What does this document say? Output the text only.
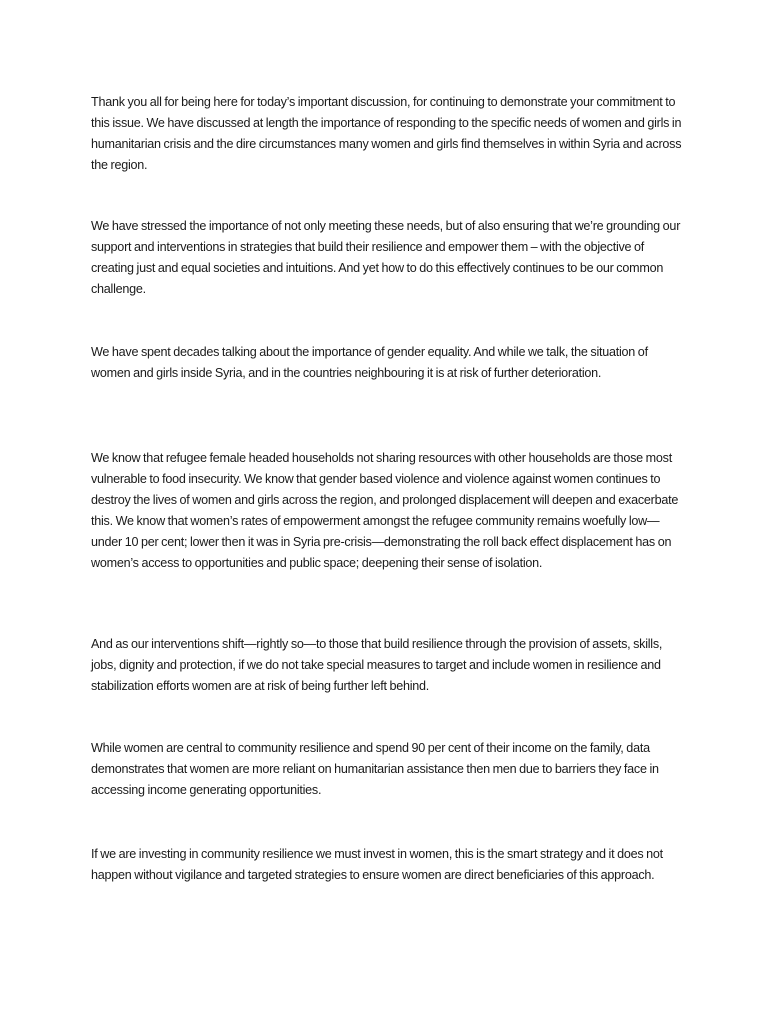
Thank you all for being here for today’s important discussion, for continuing to demonstrate your commitment to this issue. We have discussed at length the importance of responding to the specific needs of women and girls in humanitarian crisis and the dire circumstances many women and girls find themselves in within Syria and across the region.

We have stressed the importance of not only meeting these needs, but of also ensuring that we’re grounding our support and interventions in strategies that build their resilience and empower them – with the objective of creating just and equal societies and intuitions. And yet how to do this effectively continues to be our common challenge.

We have spent decades talking about the importance of gender equality. And while we talk, the situation of women and girls inside Syria, and in the countries neighbouring it is at risk of further deterioration.

We know that refugee female headed households not sharing resources with other households are those most vulnerable to food insecurity. We know that gender based violence and violence against women continues to destroy the lives of women and girls across the region, and prolonged displacement will deepen and exacerbate this. We know that women’s rates of empowerment amongst the refugee community remains woefully low—under 10 per cent; lower then it was in Syria pre-crisis—demonstrating the roll back effect displacement has on women’s access to opportunities and public space; deepening their sense of isolation.

And as our interventions shift—rightly so—to those that build resilience through the provision of assets, skills, jobs, dignity and protection, if we do not take special measures to target and include women in resilience and stabilization efforts women are at risk of being further left behind.

While women are central to community resilience and spend 90 per cent of their income on the family, data demonstrates that women are more reliant on humanitarian assistance then men due to barriers they face in accessing income generating opportunities.

If we are investing in community resilience we must invest in women, this is the smart strategy and it does not happen without vigilance and targeted strategies to ensure women are direct beneficiaries of this approach.
